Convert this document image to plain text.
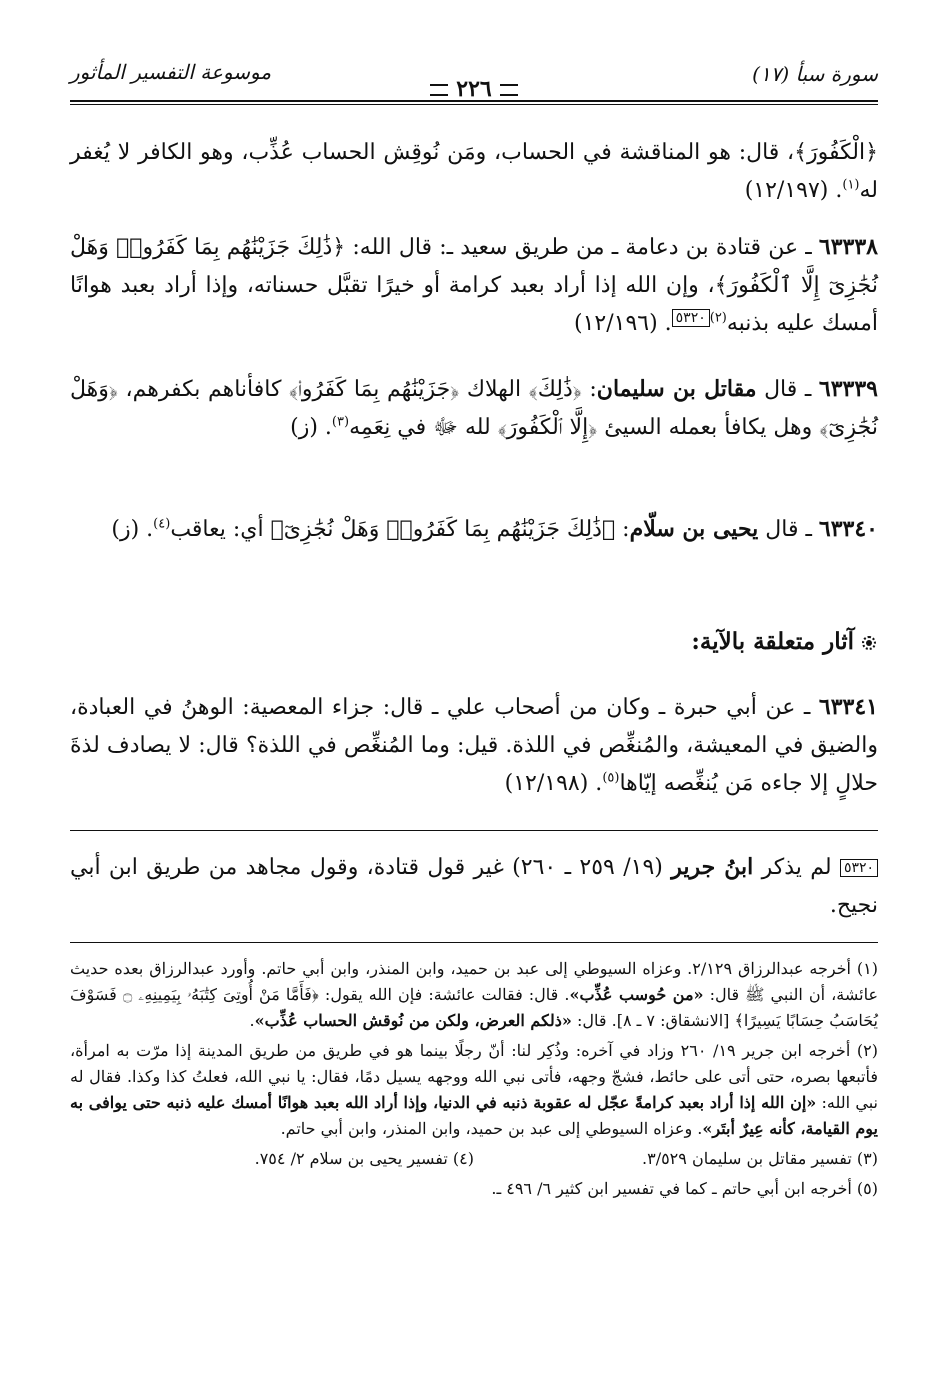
سورة سبأ (١٧)
٢٢٦
موسوعة التفسير المأثور
﴿الْكَفُورَ﴾، قال: هو المناقشة في الحساب، ومَن نُوقِش الحساب عُذِّب، وهو الكافر لا يُغفر له$^{(١)}$. (١٢/١٩٧)
٦٣٣٣٨ ـ عن قتادة بن دعامة ـ من طريق سعيد ـ: قال الله: ﴿ذَٰلِكَ جَزَيْنَٰهُم بِمَا كَفَرُوا۟ وَهَلْ نُجَٰزِىٓ إِلَّا ٱلْكَفُورَ﴾، وإن الله إذا أراد بعبد كرامة أو خيرًا تقبَّل حسناته، وإذا أراد بعبد هوانًا أمسك عليه بذنبه$^{(٢)}$٥٣٢٠. (١٢/١٩٦)
٦٣٣٣٩ ـ قال مقاتل بن سليمان: ﴿ذَٰلِكَ﴾ الهلاك ﴿جَزَيْنَٰهُم بِمَا كَفَرُوا۟﴾ كافأناهم بكفرهم، ﴿وَهَلْ نُجَٰزِىٓ﴾ وهل يكافأ بعمله السيئ ﴿إِلَّا ٱلْكَفُورَ﴾ لله ﷻ في نِعَمِه$^{(٣)}$. (ز)
٦٣٣٤٠ ـ قال يحيى بن سلّام: ﴿ذَٰلِكَ جَزَيْنَٰهُم بِمَا كَفَرُوا۟ وَهَلْ نُجَٰزِىٓ﴾ أي: يعاقب$^{(٤)}$. (ز)
آثار متعلقة بالآية:
٦٣٣٤١ ـ عن أبي حبرة ـ وكان من أصحاب علي ـ قال: جزاء المعصية: الوهنُ في العبادة، والضيق في المعيشة، والمُنغِّص في اللذة. قيل: وما المُنغِّص في اللذة؟ قال: لا يصادف لذةَ حلالٍ إلا جاءه مَن يُنغِّصه إيّاها$^{(٥)}$. (١٢/١٩٨)
٥٣٢٠ لم يذكر ابنُ جرير (١٩/ ٢٥٩ ـ ٢٦٠) غير قول قتادة، وقول مجاهد من طريق ابن أبي نجيح.

(١) أخرجه عبدالرزاق ٢/١٢٩. وعزاه السيوطي إلى عبد بن حميد، وابن المنذر، وابن أبي حاتم. وأورد عبدالرزاق بعده حديث عائشة، أن النبي ﷺ قال: «من حُوسب عُذِّب». قال: فقالت عائشة: فإن الله يقول: ﴿فَأَمَّا مَنْ أُوتِىَ كِتَٰبَهُۥ بِيَمِينِهِۦ ۝ فَسَوْفَ يُحَاسَبُ حِسَابًا يَسِيرًا﴾ [الانشقاق: ٧ ـ ٨]. قال: «ذلكم العرض، ولكن من نُوقش الحساب عُذِّب».

(٢) أخرجه ابن جرير ١٩/ ٢٦٠ وزاد في آخره: وذُكِر لنا: أنّ رجلًا بينما هو في طريق من طريق المدينة إذا مرّت به امرأة، فأتبعها بصره، حتى أتى على حائط، فشجّ وجهه، فأتى نبي الله ووجهه يسيل دمًا، فقال: يا نبي الله، فعلتُ كذا وكذا. فقال له نبي الله: «إن الله إذا أراد بعبد كرامةً عجّل له عقوبة ذنبه في الدنيا، وإذا أراد الله بعبد هوانًا أمسك عليه ذنبه حتى يوافى به يوم القيامة، كأنه عِيرٌ أبتَر». وعزاه السيوطي إلى عبد بن حميد، وابن المنذر، وابن أبي حاتم.

(٣) تفسير مقاتل بن سليمان ٣/٥٢٩.
(٤) تفسير يحيى بن سلام ٢/ ٧٥٤.

(٥) أخرجه ابن أبي حاتم ـ كما في تفسير ابن كثير ٦/ ٤٩٦ ـ.
